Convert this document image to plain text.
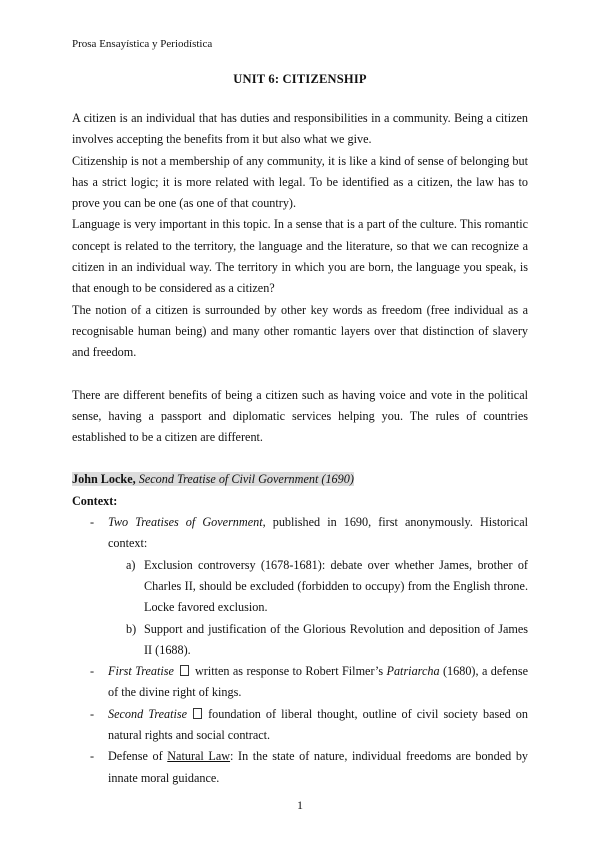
Prosa Ensayística y Periodística
UNIT 6: CITIZENSHIP

A citizen is an individual that has duties and responsibilities in a community. Being a citizen involves accepting the benefits from it but also what we give.

Citizenship is not a membership of any community, it is like a kind of sense of belonging but has a strict logic; it is more related with legal. To be identified as a citizen, the law has to prove you can be one (as one of that country).

Language is very important in this topic. In a sense that is a part of the culture. This romantic concept is related to the territory, the language and the literature, so that we can recognize a citizen in an individual way. The territory in which you are born, the language you speak, is that enough to be considered as a citizen?

The notion of a citizen is surrounded by other key words as freedom (free individual as a recognisable human being) and many other romantic layers over that distinction of slavery and freedom.

There are different benefits of being a citizen such as having voice and vote in the political sense, having a passport and diplomatic services helping you. The rules of countries established to be a citizen are different.

John Locke, Second Treatise of Civil Government (1690)

Context:

- Two Treatises of Government, published in 1690, first anonymously. Historical context:
a) Exclusion controversy (1678-1681): debate over whether James, brother of Charles II, should be excluded (forbidden to occupy) from the English throne. Locke favored exclusion.
b) Support and justification of the Glorious Revolution and deposition of James II (1688).
- First Treatise written as response to Robert Filmer’s Patriarcha (1680), a defense of the divine right of kings.
- Second Treatise foundation of liberal thought, outline of civil society based on natural rights and social contract.
- Defense of Natural Law: In the state of nature, individual freedoms are bonded by innate moral guidance.
1
